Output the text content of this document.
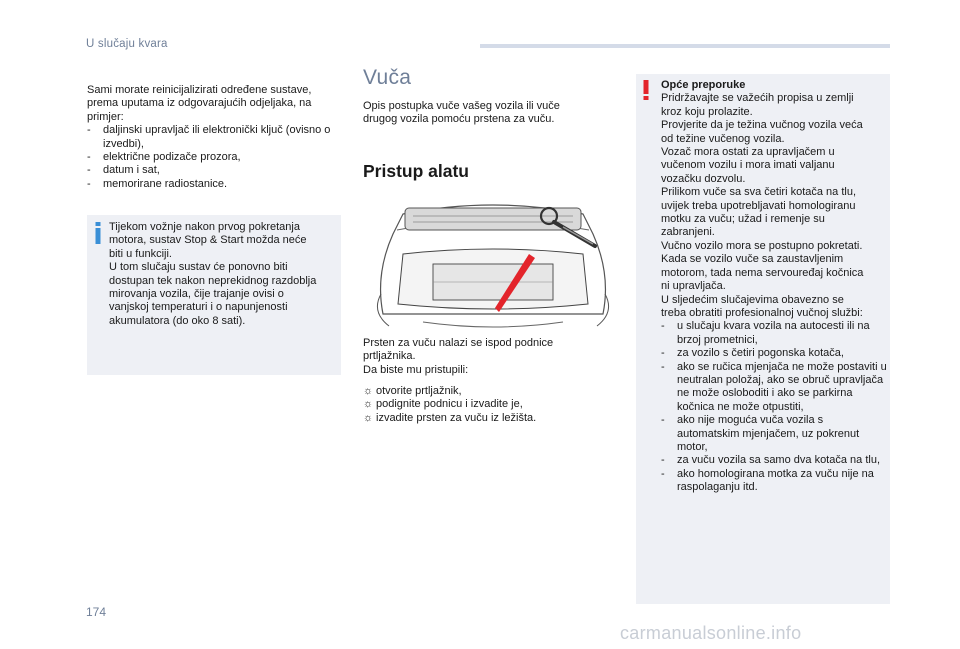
U slučaju kvara
Sami morate reinicijalizirati određene sustave, prema uputama iz odgovarajućih odjeljaka, na primjer:
-	daljinski upravljač ili elektronički ključ (ovisno o izvedbi),
-	električne podizače prozora,
-	datum i sat,
-	memorirane radiostanice.
Tijekom vožnje nakon prvog pokretanja
motora, sustav Stop & Start možda neće
biti u funkciji.
U tom slučaju sustav će ponovno biti
dostupan tek nakon neprekidnog razdoblja
mirovanja vozila, čije trajanje ovisi o
vanjskoj temperaturi i o napunjenosti
akumulatora (do oko 8 sati).
Vuča
Opis postupka vuče vašeg vozila ili vuče drugog vozila pomoću prstena za vuču.
Pristup alatu
Prsten za vuču nalazi se ispod podnice prtljažnika.
Da biste mu pristupili:
☼ otvorite prtljažnik,
☼ podignite podnicu i izvadite je,
☼ izvadite prsten za vuču iz ležišta.
Opće preporuke
Pridržavajte se važećih propisa u zemlji
kroz koju prolazite.
Provjerite da je težina vučnog vozila veća
od težine vučenog vozila.
Vozač mora ostati za upravljačem u
vučenom vozilu i mora imati valjanu
vozačku dozvolu.
Prilikom vuče sa sva četiri kotača na tlu,
uvijek treba upotrebljavati homologiranu
motku za vuču; užad i remenje su
zabranjeni.
Vučno vozilo mora se postupno pokretati.
Kada se vozilo vuče sa zaustavljenim
motorom, tada nema servouređaj kočnica
ni upravljača.
U sljedećim slučajevima obavezno se
treba obratiti profesionalnoj vučnoj službi:
-	u slučaju kvara vozila na autocesti ili na brzoj prometnici,
-	za vozilo s četiri pogonska kotača,
-	ako se ručica mjenjača ne može postaviti u neutralan položaj, ako se obruč upravljača ne može osloboditi i ako se parkirna kočnica ne može otpustiti,
-	ako nije moguća vuča vozila s automatskim mjenjačem, uz pokrenut motor,
-	za vuču vozila sa samo dva kotača na tlu,
-	ako homologirana motka za vuču nije na raspolaganju itd.
174
carmanualsonline.info
